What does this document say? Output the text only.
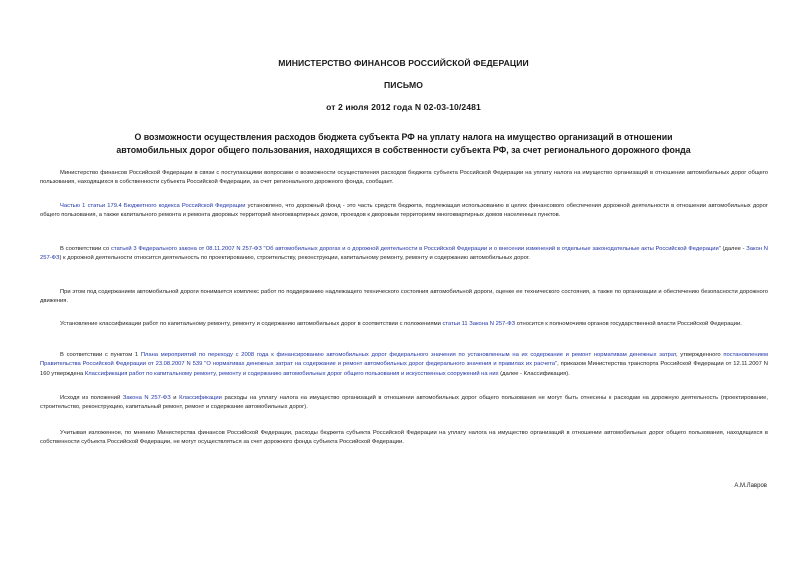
МИНИСТЕРСТВО ФИНАНСОВ РОССИЙСКОЙ ФЕДЕРАЦИИ
ПИСЬМО
от 2 июля 2012 года N 02-03-10/2481
О возможности осуществления расходов бюджета субъекта РФ на уплату налога на имущество организаций в отношении автомобильных дорог общего пользования, находящихся в собственности субъекта РФ, за счет регионального дорожного фонда
Министерство финансов Российской Федерации в связи с поступающими вопросами о возможности осуществления расходов бюджета субъекта Российской Федерации на уплату налога на имущество организаций в отношении автомобильных дорог общего пользования, находящихся в собственности субъекта Российской Федерации, за счет регионального дорожного фонда, сообщает.
Частью 1 статьи 179.4 Бюджетного кодекса Российской Федерации установлено, что дорожный фонд - это часть средств бюджета, подлежащая использованию в целях финансового обеспечения дорожной деятельности в отношении автомобильных дорог общего пользования, а также капитального ремонта и ремонта дворовых территорий многоквартирных домов, проездов к дворовым территориям многоквартирных домов населенных пунктов.
В соответствии со статьей 3 Федерального закона от 08.11.2007 N 257-ФЗ "Об автомобильных дорогах и о дорожной деятельности в Российской Федерации и о внесении изменений в отдельные законодательные акты Российской Федерации" (далее - Закон N 257-ФЗ) к дорожной деятельности относится деятельность по проектированию, строительству, реконструкции, капитальному ремонту, ремонту и содержанию автомобильных дорог.
При этом под содержанием автомобильной дороги понимается комплекс работ по поддержанию надлежащего технического состояния автомобильной дороги, оценке ее технического состояния, а также по организации и обеспечению безопасности дорожного движения.
Установление классификации работ по капитальному ремонту, ремонту и содержанию автомобильных дорог в соответствии с положениями статьи 11 Закона N 257-ФЗ относится к полномочиям органов государственной власти Российской Федерации.
В соответствии с пунктом 1 Плана мероприятий по переходу с 2008 года к финансированию автомобильных дорог федерального значения по установленным на их содержание и ремонт нормативам денежных затрат, утвержденного постановлением Правительства Российской Федерации от 23.08.2007 N 539 "О нормативах денежных затрат на содержание и ремонт автомобильных дорог федерального значения и правилах их расчета", приказом Министерства транспорта Российской Федерации от 12.11.2007 N 160 утверждена Классификация работ по капитальному ремонту, ремонту и содержанию автомобильных дорог общего пользования и искусственных сооружений на них (далее - Классификация).
Исходя из положений Закона N 257-ФЗ и Классификации расходы на уплату налога на имущество организаций в отношении автомобильных дорог общего пользования не могут быть отнесены к расходам на дорожную деятельность (проектирование, строительство, реконструкцию, капитальный ремонт, ремонт и содержание автомобильных дорог).
Учитывая изложенное, по мнению Министерства финансов Российской Федерации, расходы бюджета субъекта Российской Федерации на уплату налога на имущество организаций в отношении автомобильных дорог общего пользования, находящихся в собственности субъекта Российской Федерации, не могут осуществляться за счет дорожного фонда субъекта Российской Федерации.
А.М.Лавров
